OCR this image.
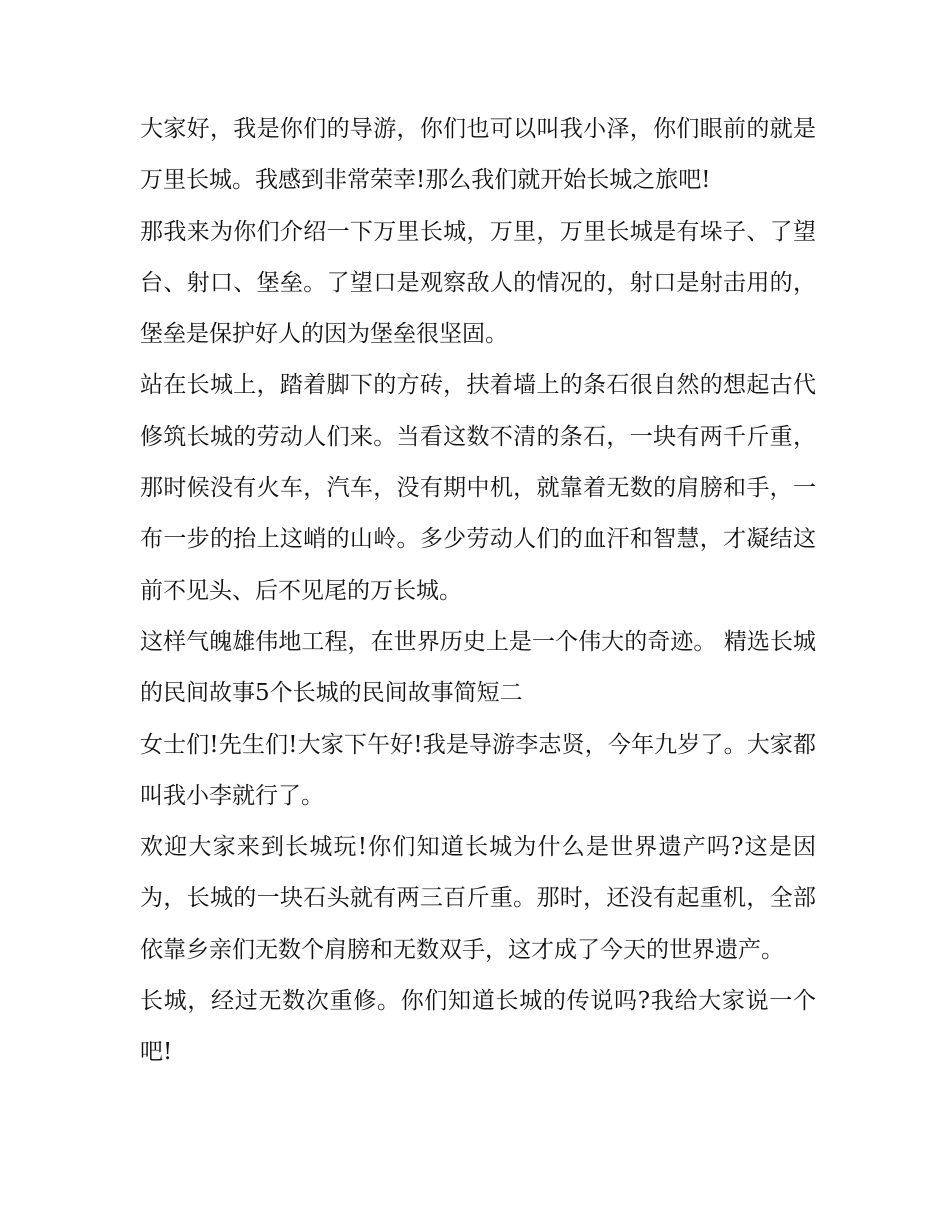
大家好，我是你们的导游，你们也可以叫我小泽，你们眼前的就是万里长城。我感到非常荣幸!那么我们就开始长城之旅吧!

那我来为你们介绍一下万里长城，万里，万里长城是有垛子、了望台、射口、堡垒。了望口是观察敌人的情况的，射口是射击用的，堡垒是保护好人的因为堡垒很坚固。

站在长城上，踏着脚下的方砖，扶着墙上的条石很自然的想起古代修筑长城的劳动人们来。当看这数不清的条石，一块有两千斤重，那时候没有火车，汽车，没有期中机，就靠着无数的肩膀和手，一布一步的抬上这峭的山岭。多少劳动人们的血汗和智慧，才凝结这前不见头、后不见尾的万长城。

这样气魄雄伟地工程，在世界历史上是一个伟大的奇迹。 精选长城的民间故事5个长城的民间故事简短二

女士们!先生们!大家下午好!我是导游李志贤，今年九岁了。大家都叫我小李就行了。

欢迎大家来到长城玩!你们知道长城为什么是世界遗产吗?这是因为，长城的一块石头就有两三百斤重。那时，还没有起重机，全部依靠乡亲们无数个肩膀和无数双手，这才成了今天的世界遗产。

长城，经过无数次重修。你们知道长城的传说吗?我给大家说一个吧!
